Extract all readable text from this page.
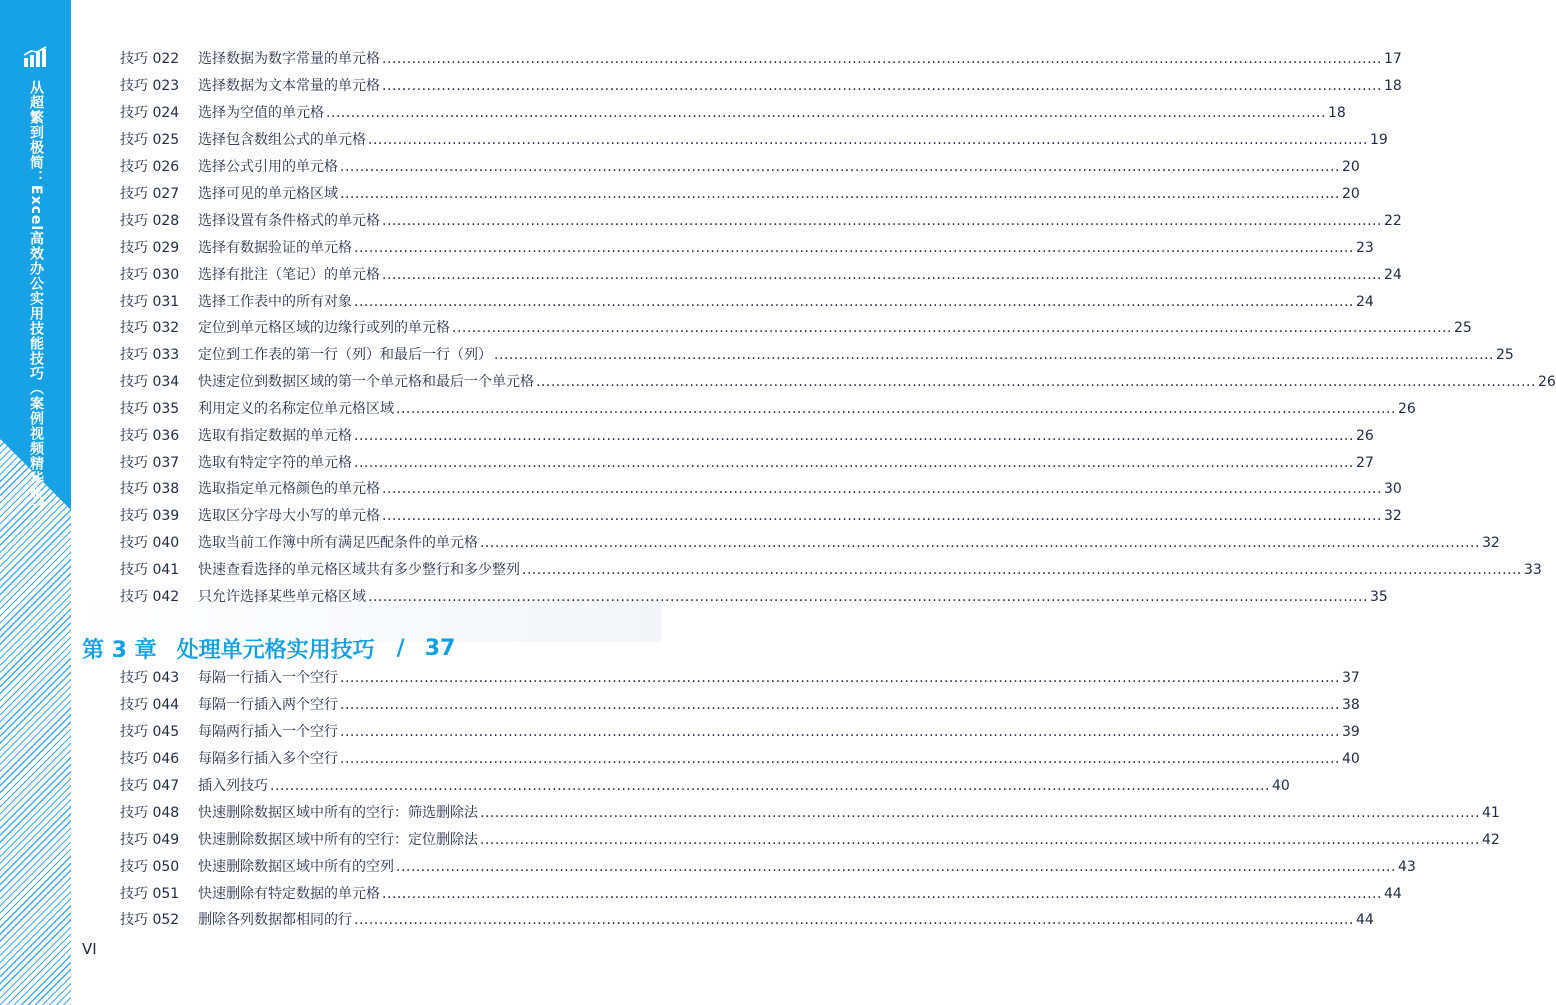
从超繁到极简：Excel高效办公实用技能技巧（案例视频精华版）
技巧 022	选择数据为数字常量的单元格 .....	17
技巧 023	选择数据为文本常量的单元格 .....	18
技巧 024	选择为空值的单元格 .....	18
技巧 025	选择包含数组公式的单元格 .....	19
技巧 026	选择公式引用的单元格 .....	20
技巧 027	选择可见的单元格区域 .....	20
技巧 028	选择设置有条件格式的单元格 .....	22
技巧 029	选择有数据验证的单元格 .....	23
技巧 030	选择有批注（笔记）的单元格 .....	24
技巧 031	选择工作表中的所有对象 .....	24
技巧 032	定位到单元格区域的边缘行或列的单元格 .....	25
技巧 033	定位到工作表的第一行（列）和最后一行（列） .....	25
技巧 034	快速定位到数据区域的第一个单元格和最后一个单元格 .....	26
技巧 035	利用定义的名称定位单元格区域 .....	26
技巧 036	选取有指定数据的单元格 .....	26
技巧 037	选取有特定字符的单元格 .....	27
技巧 038	选取指定单元格颜色的单元格 .....	30
技巧 039	选取区分字母大小写的单元格 .....	32
技巧 040	选取当前工作簿中所有满足匹配条件的单元格 .....	32
技巧 041	快速查看选择的单元格区域共有多少整行和多少整列 .....	33
技巧 042	只允许选择某些单元格区域 .....	35
第 3 章 处理单元格实用技巧 / 37
技巧 043	每隔一行插入一个空行 .....	37
技巧 044	每隔一行插入两个空行 .....	38
技巧 045	每隔两行插入一个空行 .....	39
技巧 046	每隔多行插入多个空行 .....	40
技巧 047	插入列技巧 .....	40
技巧 048	快速删除数据区域中所有的空行：筛选删除法 .....	41
技巧 049	快速删除数据区域中所有的空行：定位删除法 .....	42
技巧 050	快速删除数据区域中所有的空列 .....	43
技巧 051	快速删除有特定数据的单元格 .....	44
技巧 052	删除各列数据都相同的行 .....	44
VI
